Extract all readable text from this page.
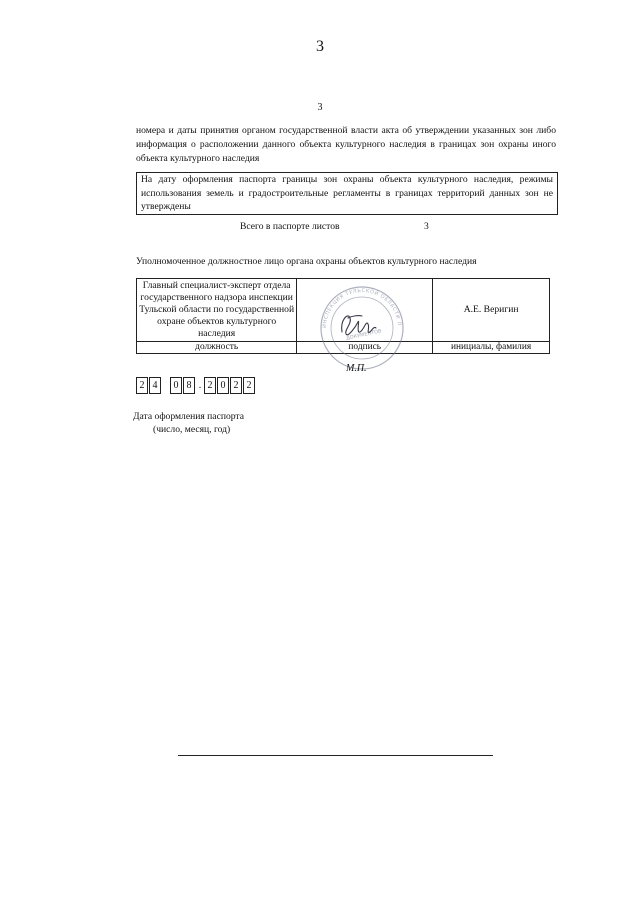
3
3
номера и даты принятия органом государственной власти акта об утверждении указанных зон либо информация о расположении данного объекта культурного наследия в границах зон охраны иного объекта культурного наследия
На дату оформления паспорта границы зон охраны объекта культурного наследия, режимы использования земель и градостроительные регламенты в границах территорий данных зон не утверждены
Всего в паспорте листов	3
Уполномоченное должностное лицо органа охраны объектов культурного наследия
Главный специалист-эксперт отдела государственного надзора инспекции Тульской области по государственной охране объектов культурного наследия		А.Е. Веригин
должность	подпись	инициалы, фамилия
ИНСПЕКЦИЯ ТУЛЬСКОЙ ОБЛАСТИ П
ДОКУМЕНТОВ
М.П.
2 4	0 8 . 2 0 2 2
Дата оформления паспорта
(число, месяц, год)
